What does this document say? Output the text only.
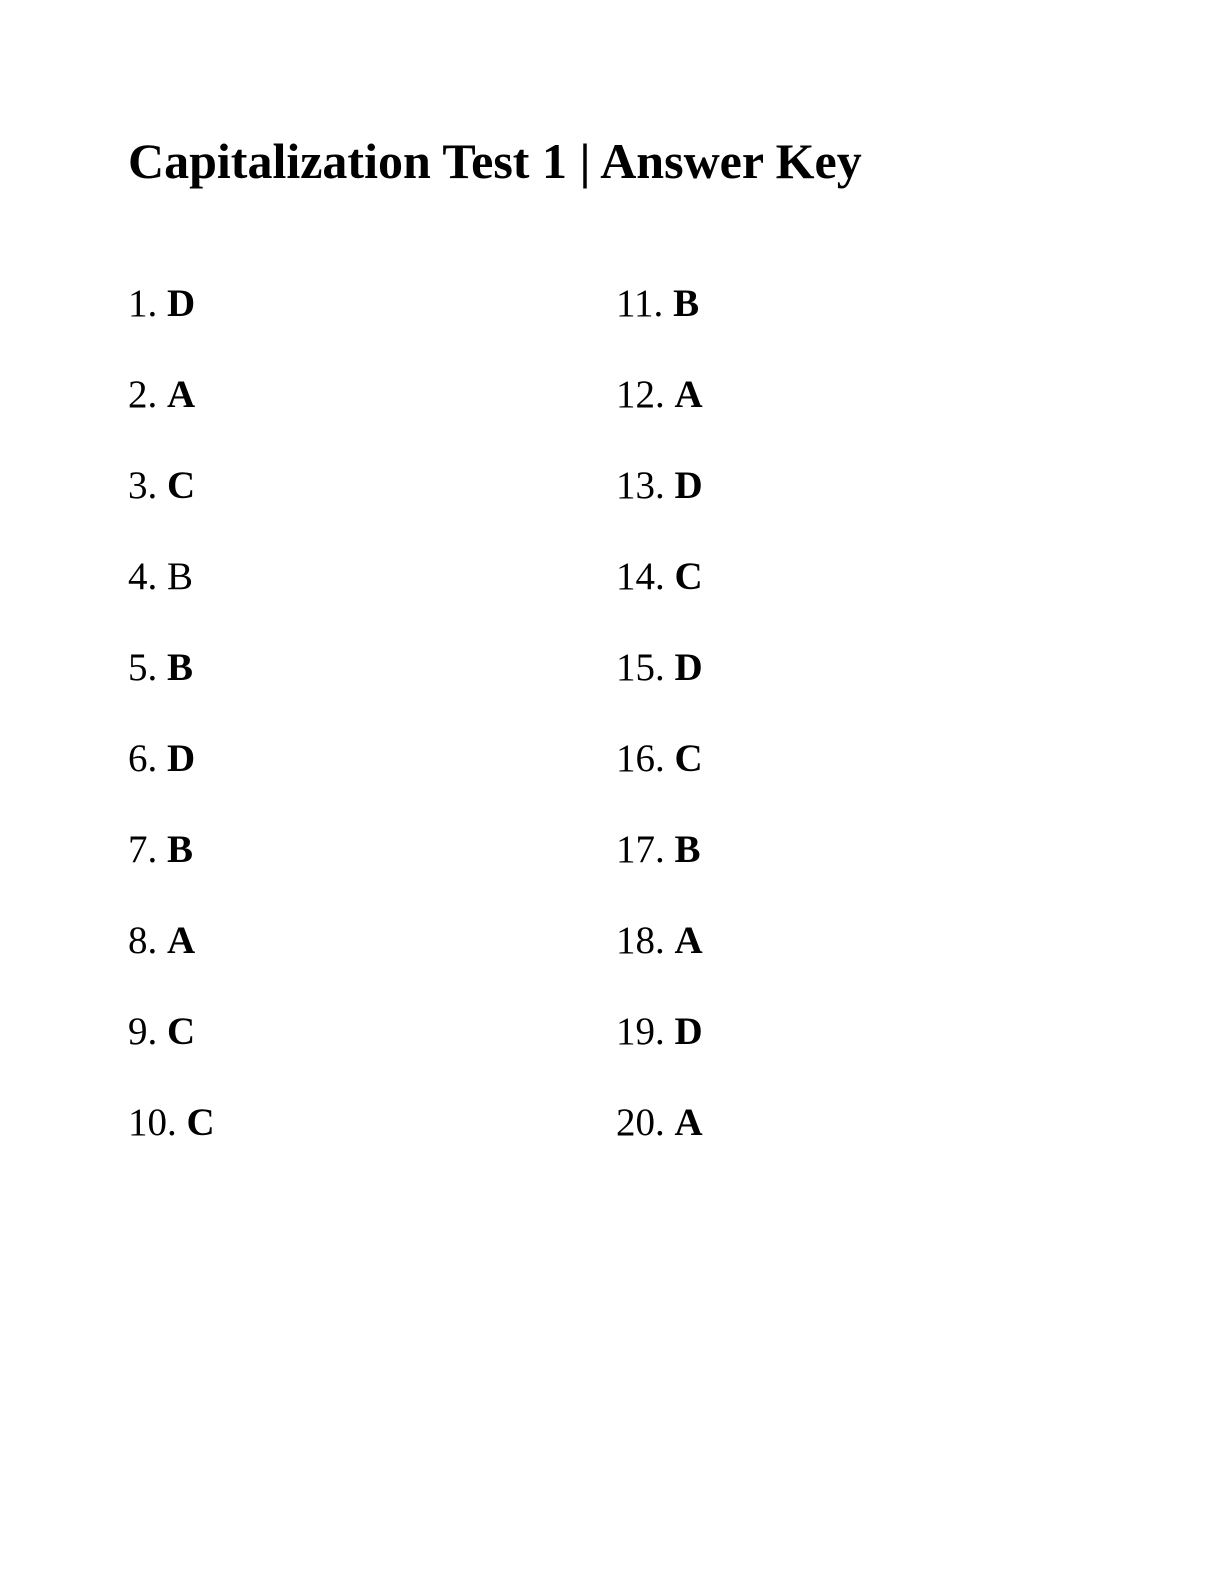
Capitalization Test 1 | Answer Key
1. D
2. A
3. C
4. B
5. B
6. D
7. B
8. A
9. C
10. C
11. B
12. A
13. D
14. C
15. D
16. C
17. B
18. A
19. D
20. A
